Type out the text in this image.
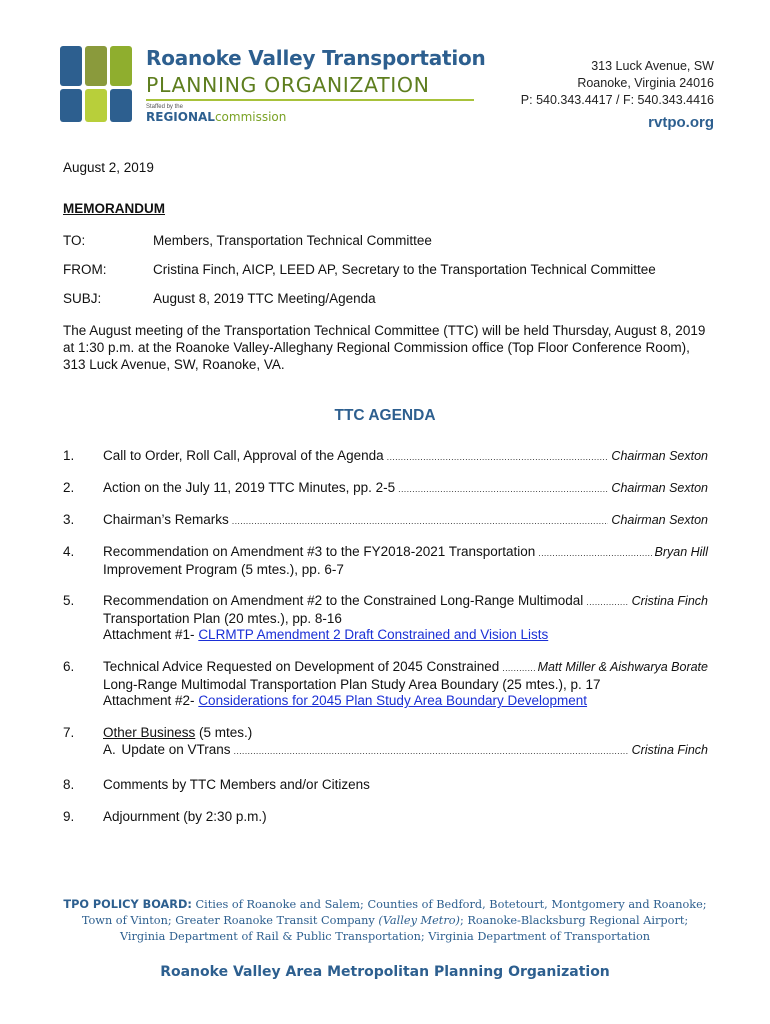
Roanoke Valley Transportation
PLANNING ORGANIZATION
Staffed by the
REGIONALcommission
313 Luck Avenue, SW
Roanoke, Virginia 24016
P: 540.343.4417 / F: 540.343.4416
rvtpo.org
August 2, 2019
MEMORANDUM
TO:	Members, Transportation Technical Committee
FROM:	Cristina Finch, AICP, LEED AP, Secretary to the Transportation Technical Committee
SUBJ:	August 8, 2019 TTC Meeting/Agenda
The August meeting of the Transportation Technical Committee (TTC) will be held Thursday, August 8, 2019 at 1:30 p.m. at the Roanoke Valley-Alleghany Regional Commission office (Top Floor Conference Room), 313 Luck Avenue, SW, Roanoke, VA.
TTC AGENDA
1. Call to Order, Roll Call, Approval of the Agenda .....	Chairman Sexton
2. Action on the July 11, 2019 TTC Minutes, pp. 2-5 .....	Chairman Sexton
3. Chairman’s Remarks .....	Chairman Sexton
4. Recommendation on Amendment #3 to the FY2018-2021 Transportation .....	Bryan Hill
Improvement Program (5 mtes.), pp. 6-7
5. Recommendation on Amendment #2 to the Constrained Long-Range Multimodal .....	Cristina Finch
Transportation Plan (20 mtes.), pp. 8-16
Attachment #1- CLRMTP Amendment 2 Draft Constrained and Vision Lists
6. Technical Advice Requested on Development of 2045 Constrained .....	Matt Miller & Aishwarya Borate
Long-Range Multimodal Transportation Plan Study Area Boundary (25 mtes.), p. 17
Attachment #2- Considerations for 2045 Plan Study Area Boundary Development
7. Other Business (5 mtes.)
A. Update on VTrans .....	Cristina Finch
8. Comments by TTC Members and/or Citizens
9. Adjournment (by 2:30 p.m.)
TPO POLICY BOARD: Cities of Roanoke and Salem; Counties of Bedford, Botetourt, Montgomery and Roanoke;
Town of Vinton; Greater Roanoke Transit Company (Valley Metro); Roanoke-Blacksburg Regional Airport;
Virginia Department of Rail & Public Transportation; Virginia Department of Transportation
Roanoke Valley Area Metropolitan Planning Organization
